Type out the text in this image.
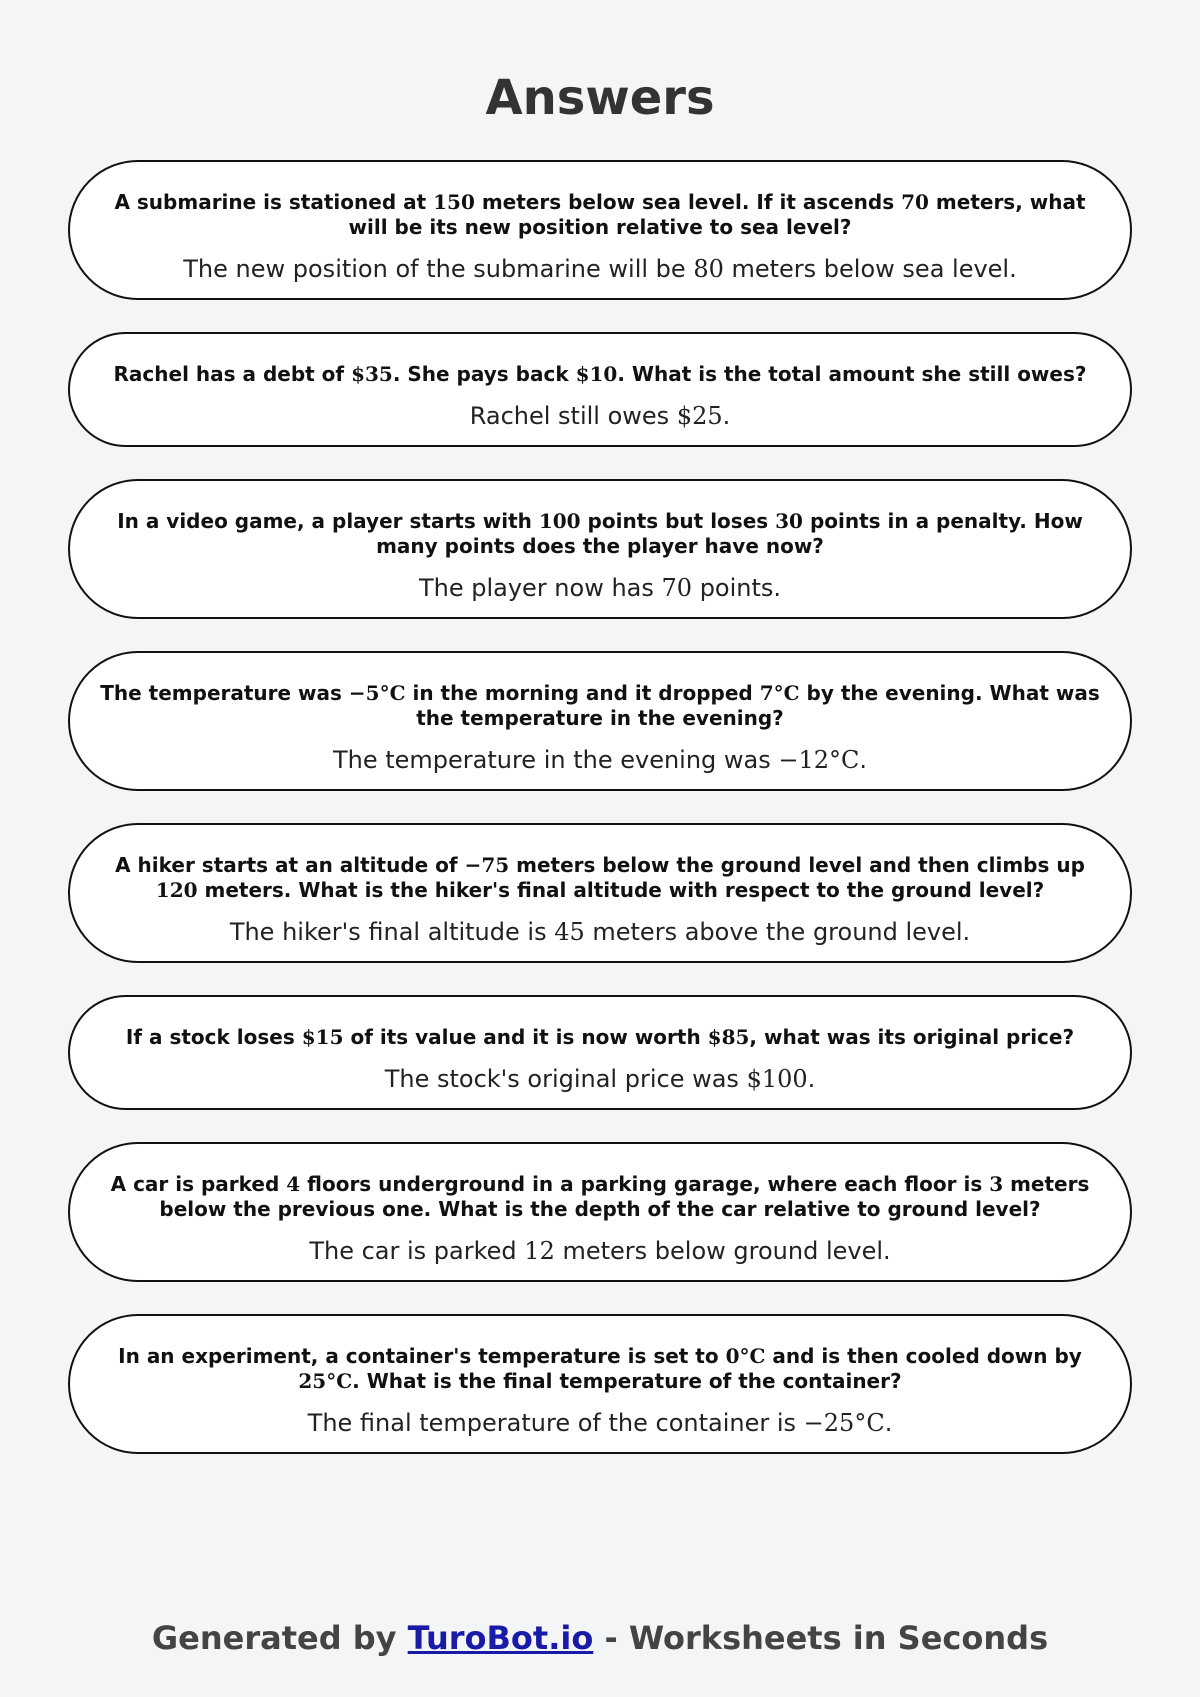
Answers

A submarine is stationed at 150 meters below sea level. If it ascends 70 meters, what will be its new position relative to sea level?

The new position of the submarine will be 80 meters below sea level.

Rachel has a debt of $35. She pays back $10. What is the total amount she still owes?

Rachel still owes $25.

In a video game, a player starts with 100 points but loses 30 points in a penalty. How many points does the player have now?

The player now has 70 points.

The temperature was −5°C in the morning and it dropped 7°C by the evening. What was the temperature in the evening?

The temperature in the evening was −12°C.

A hiker starts at an altitude of −75 meters below the ground level and then climbs up 120 meters. What is the hiker's final altitude with respect to the ground level?

The hiker's final altitude is 45 meters above the ground level.

If a stock loses $15 of its value and it is now worth $85, what was its original price?

The stock's original price was $100.

A car is parked 4 floors underground in a parking garage, where each floor is 3 meters below the previous one. What is the depth of the car relative to ground level?

The car is parked 12 meters below ground level.

In an experiment, a container's temperature is set to 0°C and is then cooled down by 25°C. What is the final temperature of the container?

The final temperature of the container is −25°C.

Generated by TuroBot.io - Worksheets in Seconds
